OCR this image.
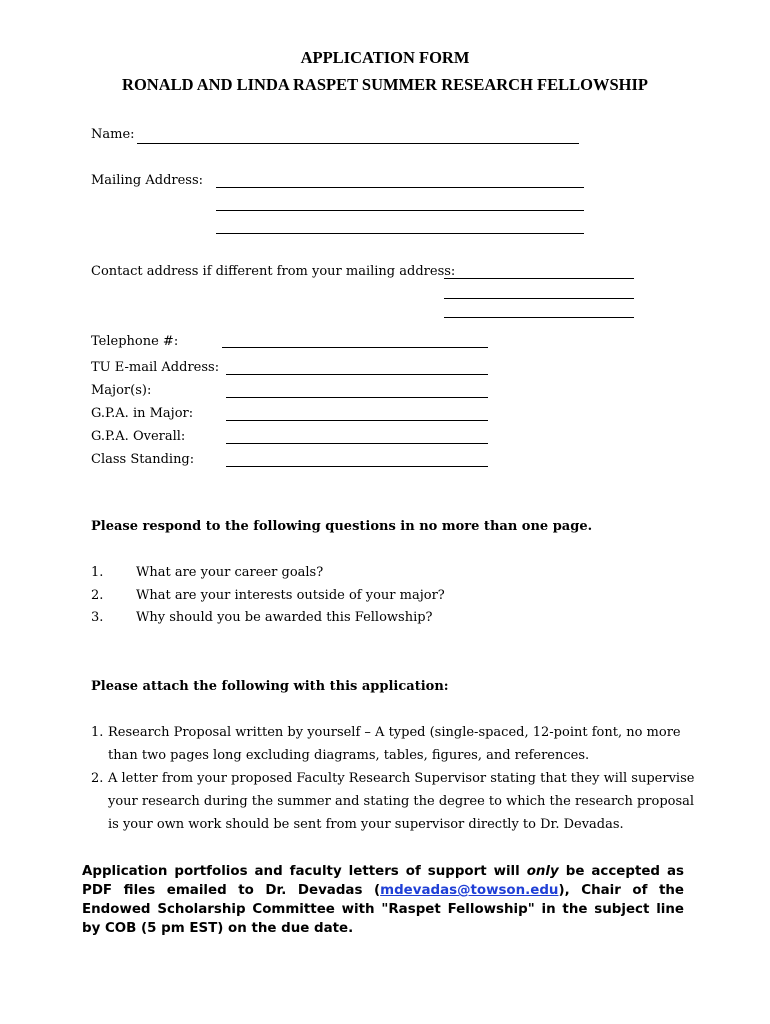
APPLICATION FORM
RONALD AND LINDA RASPET SUMMER RESEARCH FELLOWSHIP
Name:
Mailing Address:
Contact address if different from your mailing address:
Telephone #:
TU E-mail Address:
Major(s):
G.P.A. in Major:
G.P.A. Overall:
Class Standing:
Please respond to the following questions in no more than one page.
1.	What are your career goals?
2.	What are your interests outside of your major?
3.	Why should you be awarded this Fellowship?
Please attach the following with this application:
1. Research Proposal written by yourself – A typed (single-spaced, 12-point font, no more
than two pages long excluding diagrams, tables, figures, and references.
2. A letter from your proposed Faculty Research Supervisor stating that they will supervise
your research during the summer and stating the degree to which the research proposal
is your own work should be sent from your supervisor directly to Dr. Devadas.
Application portfolios and faculty letters of support will only be accepted as PDF files emailed to Dr. Devadas (mdevadas@towson.edu), Chair of the Endowed Scholarship Committee with "Raspet Fellowship" in the subject line by COB (5 pm EST) on the due date.
